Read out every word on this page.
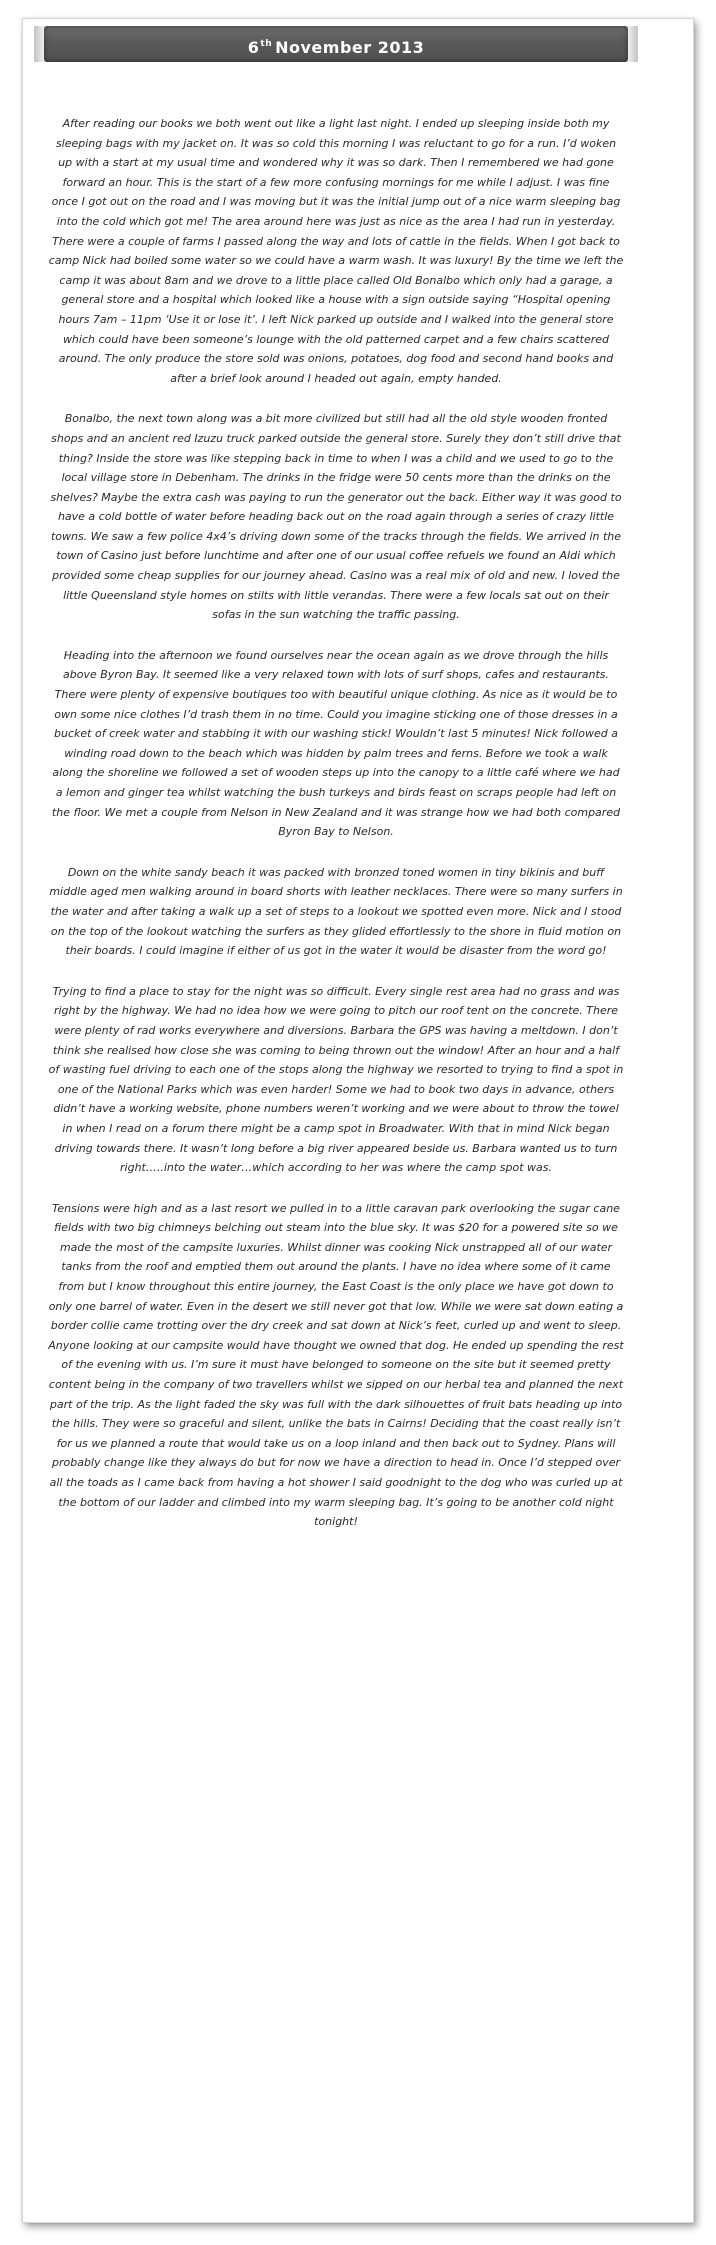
6th November 2013

After reading our books we both went out like a light last night. I ended up sleeping inside both my sleeping bags with my jacket on. It was so cold this morning I was reluctant to go for a run. I’d woken up with a start at my usual time and wondered why it was so dark. Then I remembered we had gone forward an hour. This is the start of a few more confusing mornings for me while I adjust. I was fine once I got out on the road and I was moving but it was the initial jump out of a nice warm sleeping bag into the cold which got me! The area around here was just as nice as the area I had run in yesterday. There were a couple of farms I passed along the way and lots of cattle in the fields. When I got back to camp Nick had boiled some water so we could have a warm wash. It was luxury! By the time we left the camp it was about 8am and we drove to a little place called Old Bonalbo which only had a garage, a general store and a hospital which looked like a house with a sign outside saying “Hospital opening hours 7am – 11pm ‘Use it or lose it’. I left Nick parked up outside and I walked into the general store which could have been someone’s lounge with the old patterned carpet and a few chairs scattered around. The only produce the store sold was onions, potatoes, dog food and second hand books and after a brief look around I headed out again, empty handed.

Bonalbo, the next town along was a bit more civilized but still had all the old style wooden fronted shops and an ancient red Izuzu truck parked outside the general store. Surely they don’t still drive that thing? Inside the store was like stepping back in time to when I was a child and we used to go to the local village store in Debenham. The drinks in the fridge were 50 cents more than the drinks on the shelves? Maybe the extra cash was paying to run the generator out the back. Either way it was good to have a cold bottle of water before heading back out on the road again through a series of crazy little towns. We saw a few police 4x4’s driving down some of the tracks through the fields. We arrived in the town of Casino just before lunchtime and after one of our usual coffee refuels we found an Aldi which provided some cheap supplies for our journey ahead. Casino was a real mix of old and new. I loved the little Queensland style homes on stilts with little verandas. There were a few locals sat out on their sofas in the sun watching the traffic passing.

Heading into the afternoon we found ourselves near the ocean again as we drove through the hills above Byron Bay. It seemed like a very relaxed town with lots of surf shops, cafes and restaurants. There were plenty of expensive boutiques too with beautiful unique clothing. As nice as it would be to own some nice clothes I’d trash them in no time. Could you imagine sticking one of those dresses in a bucket of creek water and stabbing it with our washing stick! Wouldn’t last 5 minutes! Nick followed a winding road down to the beach which was hidden by palm trees and ferns. Before we took a walk along the shoreline we followed a set of wooden steps up into the canopy to a little café where we had a lemon and ginger tea whilst watching the bush turkeys and birds feast on scraps people had left on the floor. We met a couple from Nelson in New Zealand and it was strange how we had both compared Byron Bay to Nelson.

Down on the white sandy beach it was packed with bronzed toned women in tiny bikinis and buff middle aged men walking around in board shorts with leather necklaces. There were so many surfers in the water and after taking a walk up a set of steps to a lookout we spotted even more. Nick and I stood on the top of the lookout watching the surfers as they glided effortlessly to the shore in fluid motion on their boards. I could imagine if either of us got in the water it would be disaster from the word go!

Trying to find a place to stay for the night was so difficult. Every single rest area had no grass and was right by the highway. We had no idea how we were going to pitch our roof tent on the concrete. There were plenty of rad works everywhere and diversions. Barbara the GPS was having a meltdown. I don’t think she realised how close she was coming to being thrown out the window! After an hour and a half of wasting fuel driving to each one of the stops along the highway we resorted to trying to find a spot in one of the National Parks which was even harder! Some we had to book two days in advance, others didn’t have a working website, phone numbers weren’t working and we were about to throw the towel in when I read on a forum there might be a camp spot in Broadwater. With that in mind Nick began driving towards there. It wasn’t long before a big river appeared beside us. Barbara wanted us to turn right…..into the water…which according to her was where the camp spot was.

Tensions were high and as a last resort we pulled in to a little caravan park overlooking the sugar cane fields with two big chimneys belching out steam into the blue sky. It was $20 for a powered site so we made the most of the campsite luxuries. Whilst dinner was cooking Nick unstrapped all of our water tanks from the roof and emptied them out around the plants. I have no idea where some of it came from but I know throughout this entire journey, the East Coast is the only place we have got down to only one barrel of water. Even in the desert we still never got that low. While we were sat down eating a border collie came trotting over the dry creek and sat down at Nick’s feet, curled up and went to sleep. Anyone looking at our campsite would have thought we owned that dog. He ended up spending the rest of the evening with us. I’m sure it must have belonged to someone on the site but it seemed pretty content being in the company of two travellers whilst we sipped on our herbal tea and planned the next part of the trip. As the light faded the sky was full with the dark silhouettes of fruit bats heading up into the hills. They were so graceful and silent, unlike the bats in Cairns! Deciding that the coast really isn’t for us we planned a route that would take us on a loop inland and then back out to Sydney. Plans will probably change like they always do but for now we have a direction to head in. Once I’d stepped over all the toads as I came back from having a hot shower I said goodnight to the dog who was curled up at the bottom of our ladder and climbed into my warm sleeping bag. It’s going to be another cold night tonight!
